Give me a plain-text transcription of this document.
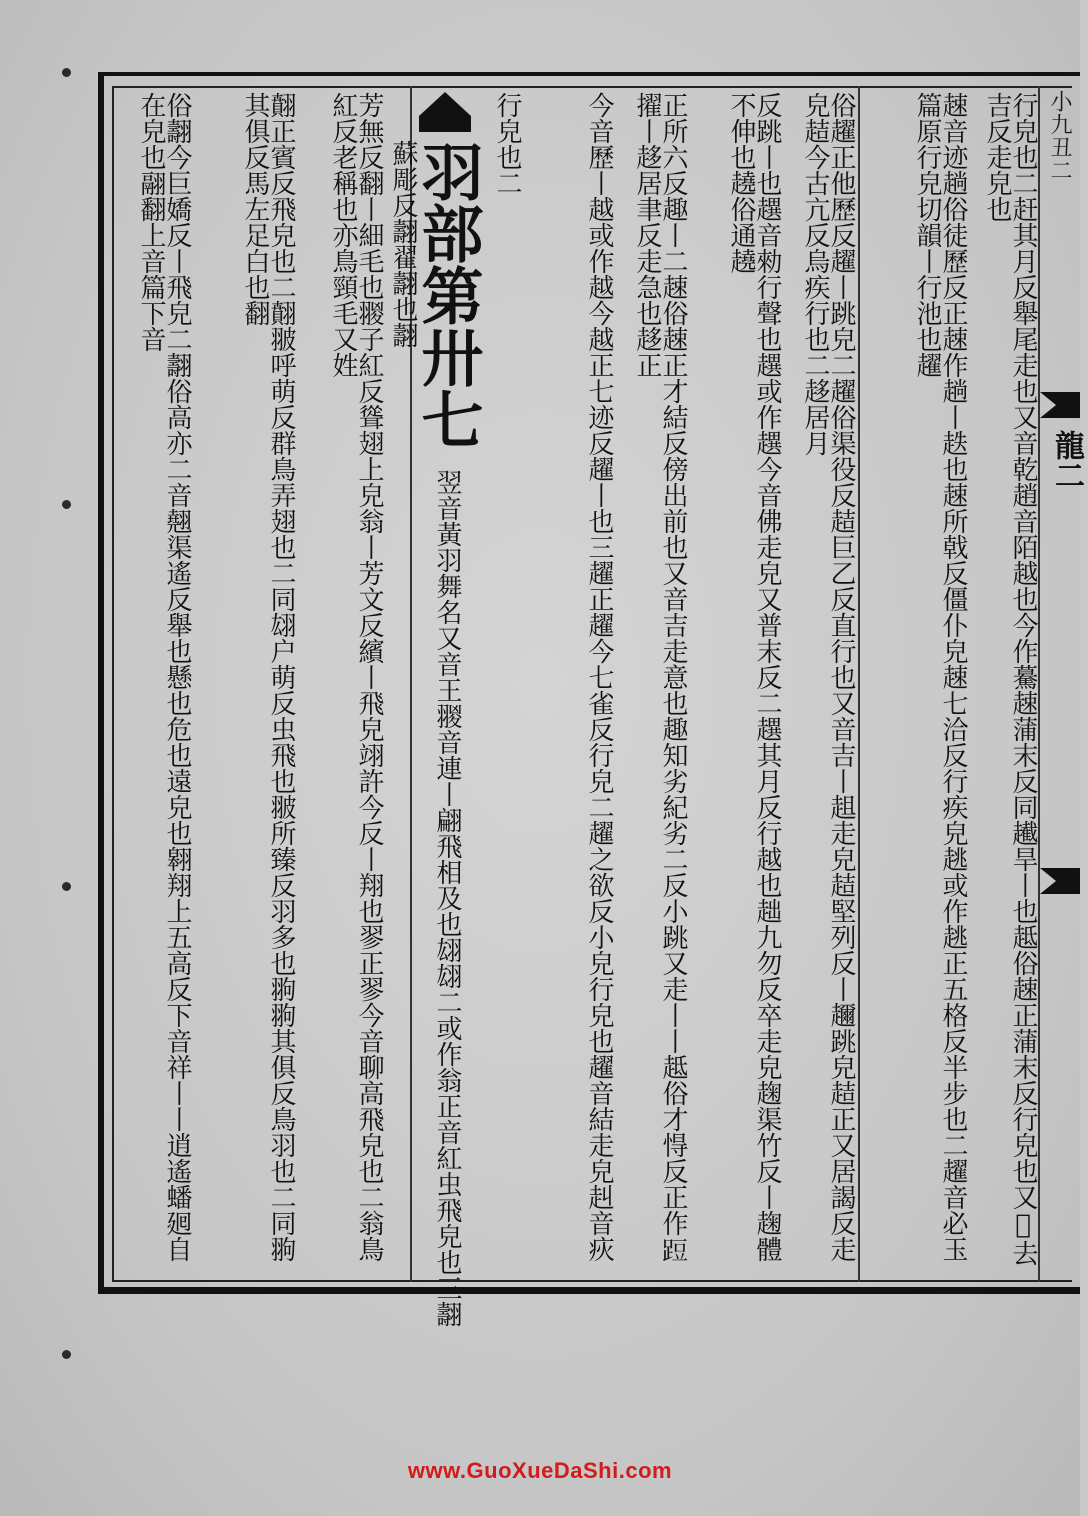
小九丑二
龍二
行皃也二赶其月反舉尾走也又音乾趙音陌越也今作驀趚蒲末反同䟌旱丨也趆俗趚正蒲末反行皃也又𨁗去吉反走皃也
趚音迹趟俗徒歷反正趚作趟丨趃也趚所戟反僵仆皃趚七洽反行疾皃趒或作趒正五格反半步也二趯音必玉篇原行皃切韻丨行池也趯
俗趯正他歷反趯丨跳皃二趯俗渠役反趌巨乙反直行也又音吉丨趄走皃趌堅列反丨趰跳皃趌正又居謁反走皃趌今古亢反烏疾行也二趍居月
反跳丨也趩音勑行聲也趩或作趩今音佛走皃又普末反二趩其月反行越也趉九勿反卒走皃趜渠竹反丨趜體不伸也趬俗通趬
正所六反趣丨二趚俗趚正才結反傍出前也又音吉走意也趣知劣紀劣二反小跳又走丨丨趆俗才㥂反正作𨁋擢丨趍居聿反走急也趍正
今音歷丨越或作越今越正七迹反趯丨也三趯正趯今七雀反行皃二趯之欲反小皃行皃也趯音結走皃赳音疢
行皃也二
羽部第卅七 翌音黃羽舞名又音王翪音連丨翩飛相及也翃翃二或作翁正音紅虫飛皃也三翿蘇彫反翿翟翿也翿
芳無反翻丨細毛也翪子紅反聳翅上皃翁丨芳文反繽丨飛皃翊許今反丨翔也翏正翏今音聊高飛皃也二翁鳥紅反老稱也亦鳥頸毛又姓
翸正賓反飛皃也二翸翍呼萌反群鳥弄翅也二同翃户萌反虫飛也翍所臻反羽多也翑翑其俱反鳥羽也二同翑其俱反馬左足白也翻
俗翿今巨嬌反丨飛皃二翿俗高亦二音翹渠遙反舉也懸也危也遠皃也翱翔上五高反下音祥丨丨逍遙蟠𢌞自在皃也翮翻上音篇下音
www.GuoXueDaShi.com
